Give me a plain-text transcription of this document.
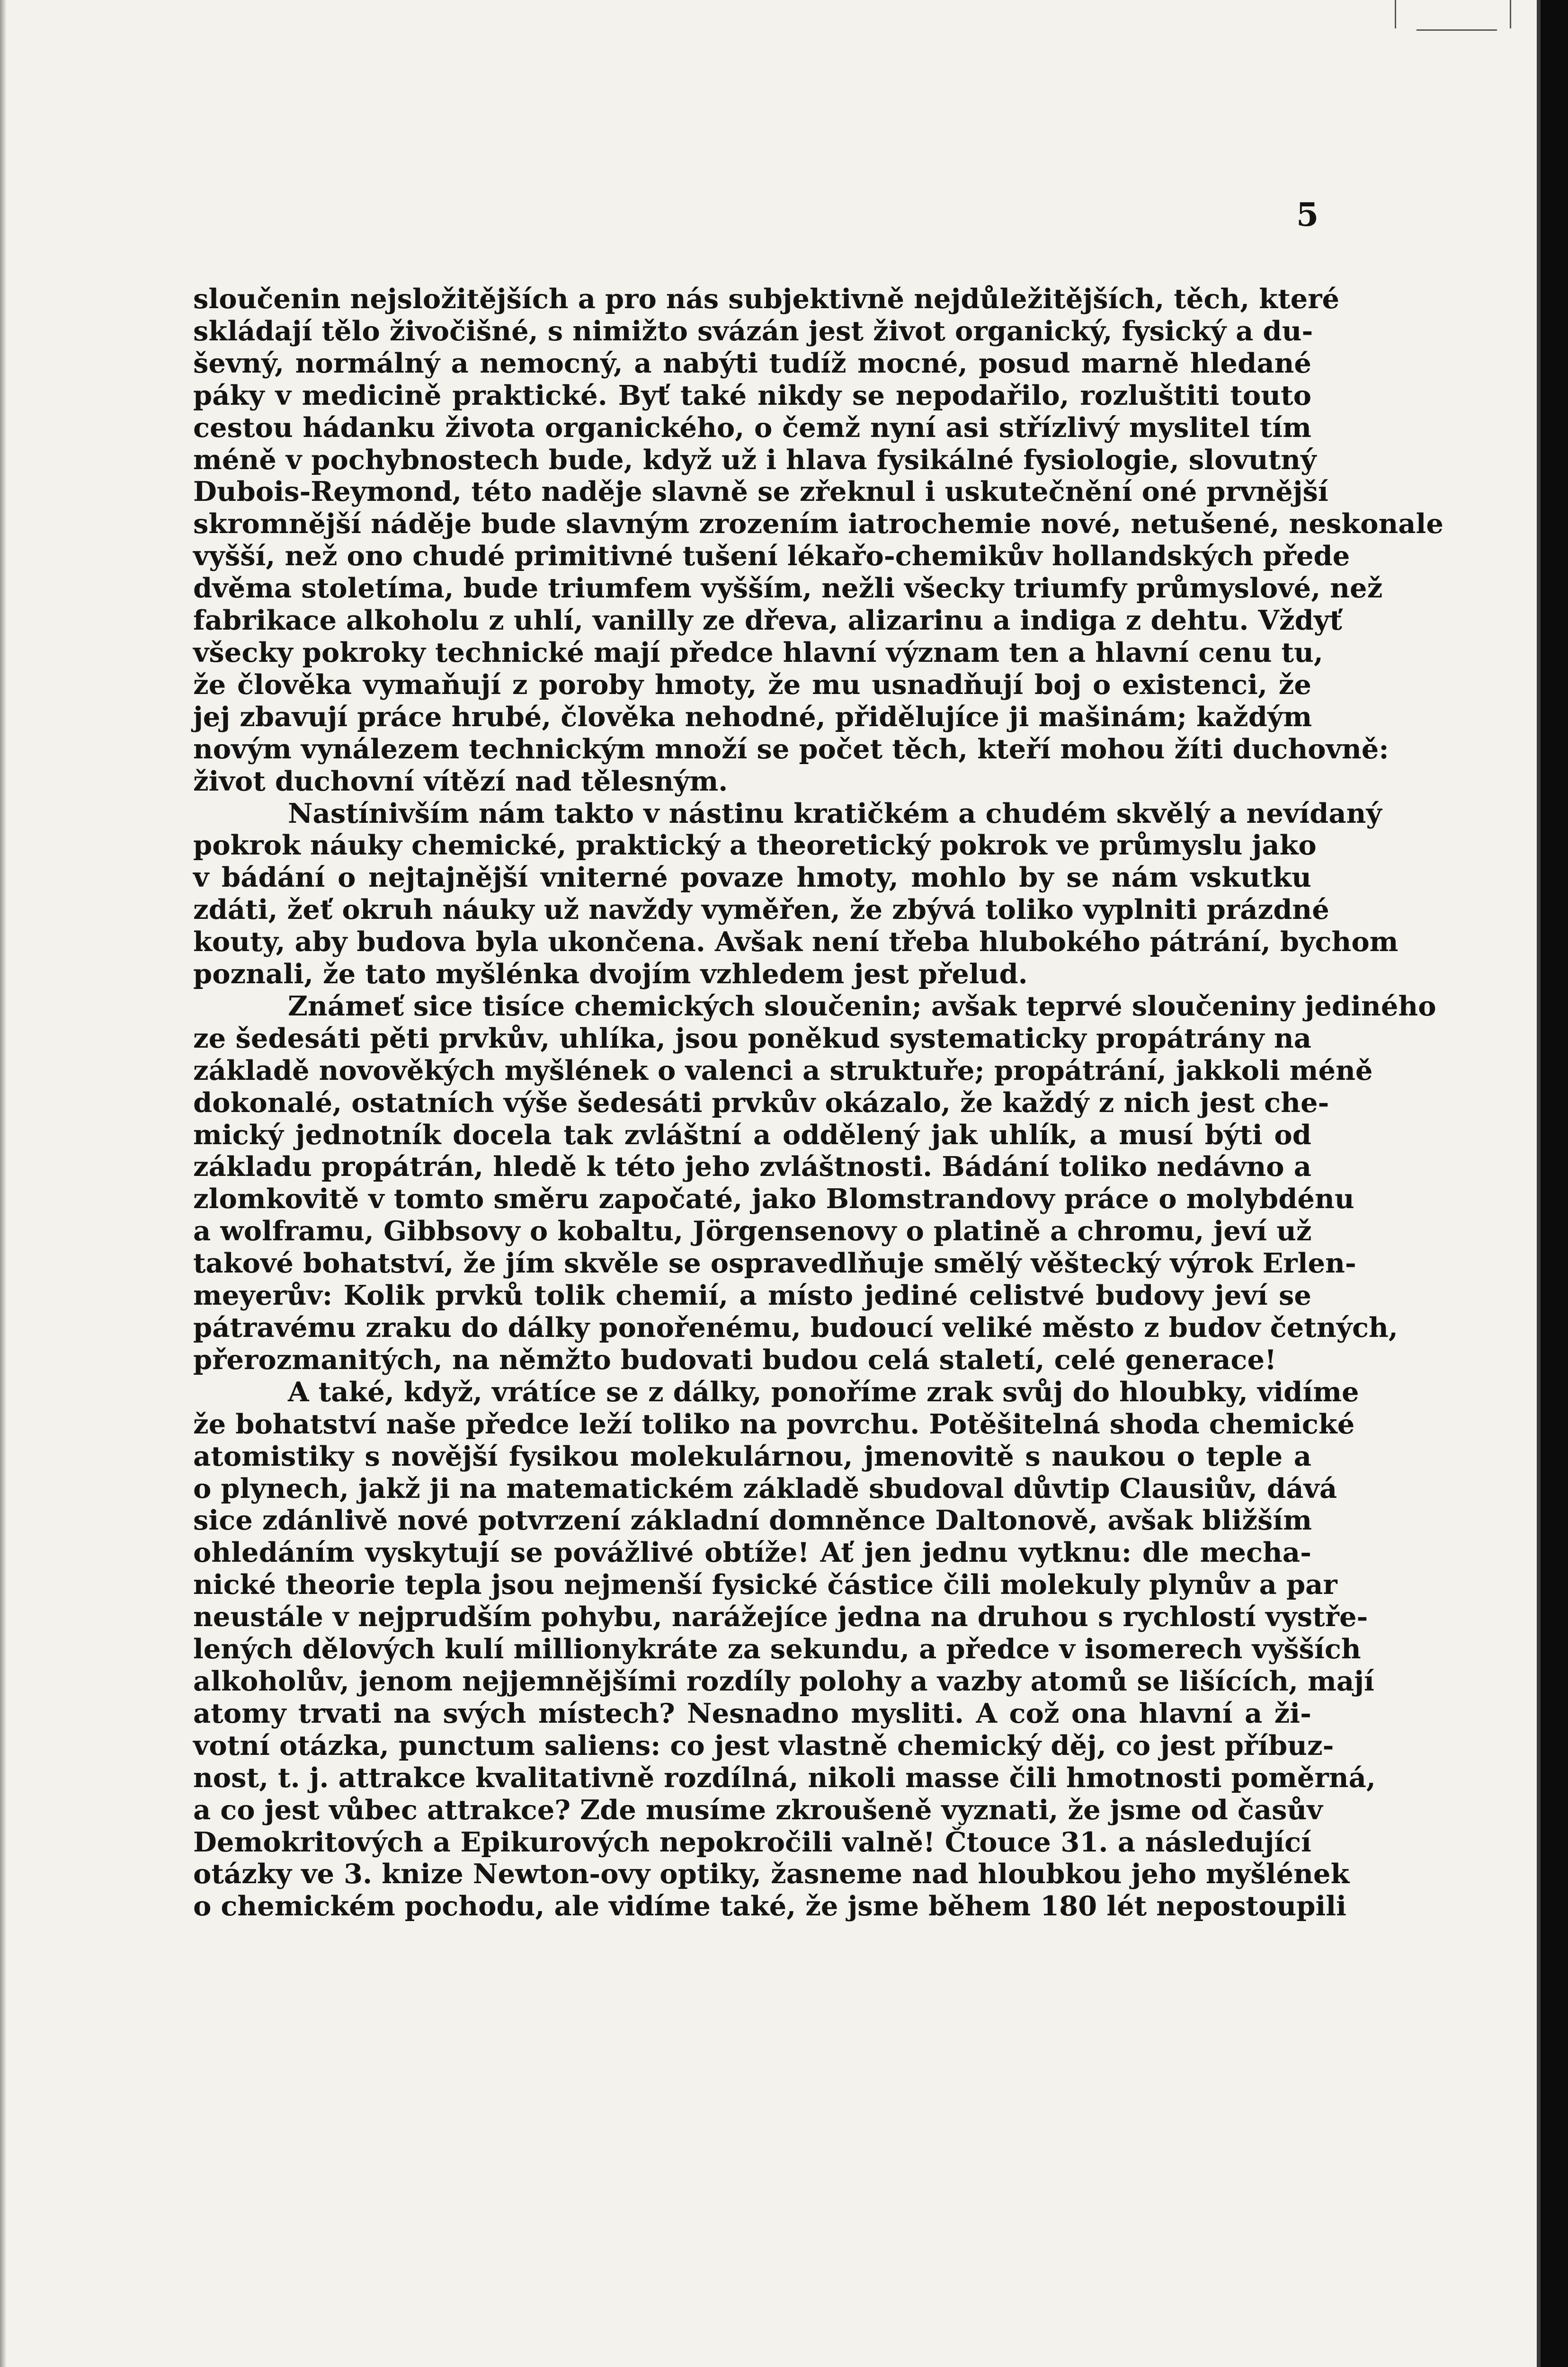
5
sloučenin nejsložitějších a pro nás subjektivně nejdůležitějších, těch, které
skládají tělo živočišné, s nimižto svázán jest život organický, fysický a du-
ševný, normálný a nemocný, a nabýti tudíž mocné, posud marně hledané
páky v medicině praktické. Byť také nikdy se nepodařilo, rozluštiti touto
cestou hádanku života organického, o čemž nyní asi střízlivý myslitel tím
méně v pochybnostech bude, když už i hlava fysikálné fysiologie, slovutný
Dubois-Reymond, této naděje slavně se zřeknul i uskutečnění oné prvnější
skromnější náděje bude slavným zrozením iatrochemie nové, netušené, neskonale
vyšší, než ono chudé primitivné tušení lékařo-chemikův hollandských přede
dvěma stoletíma, bude triumfem vyšším, nežli všecky triumfy průmyslové, než
fabrikace alkoholu z uhlí, vanilly ze dřeva, alizarinu a indiga z dehtu. Vždyť
všecky pokroky technické mají předce hlavní význam ten a hlavní cenu tu,
že člověka vymaňují z poroby hmoty, že mu usnadňují boj o existenci, že
jej zbavují práce hrubé, člověka nehodné, přidělujíce ji mašinám; každým
novým vynálezem technickým množí se počet těch, kteří mohou žíti duchovně:
život duchovní vítězí nad tělesným.
Nastínivším nám takto v nástinu kratičkém a chudém skvělý a nevídaný
pokrok náuky chemické, praktický a theoretický pokrok ve průmyslu jako
v bádání o nejtajnější vniterné povaze hmoty, mohlo by se nám vskutku
zdáti, žeť okruh náuky už navždy vyměřen, že zbývá toliko vyplniti prázdné
kouty, aby budova byla ukončena. Avšak není třeba hlubokého pátrání, bychom
poznali, že tato myšlénka dvojím vzhledem jest přelud.
Známeť sice tisíce chemických sloučenin; avšak teprvé sloučeniny jediného
ze šedesáti pěti prvkův, uhlíka, jsou poněkud systematicky propátrány na
základě novověkých myšlének o valenci a struktuře; propátrání, jakkoli méně
dokonalé, ostatních výše šedesáti prvkův okázalo, že každý z nich jest che-
mický jednotník docela tak zvláštní a oddělený jak uhlík, a musí býti od
základu propátrán, hledě k této jeho zvláštnosti. Bádání toliko nedávno a
zlomkovitě v tomto směru započaté, jako Blomstrandovy práce o molybdénu
a wolframu, Gibbsovy o kobaltu, Jörgensenovy o platině a chromu, jeví už
takové bohatství, že jím skvěle se ospravedlňuje smělý věštecký výrok Erlen-
meyerův: Kolik prvků tolik chemií, a místo jediné celistvé budovy jeví se
pátravému zraku do dálky ponořenému, budoucí veliké město z budov četných,
přerozmanitých, na němžto budovati budou celá staletí, celé generace!
A také, když, vrátíce se z dálky, ponoříme zrak svůj do hloubky, vidíme
že bohatství naše předce leží toliko na povrchu. Potěšitelná shoda chemické
atomistiky s novější fysikou molekulárnou, jmenovitě s naukou o teple a
o plynech, jakž ji na matematickém základě sbudoval důvtip Clausiův, dává
sice zdánlivě nové potvrzení základní domněnce Daltonově, avšak bližším
ohledáním vyskytují se povážlivé obtíže! Ať jen jednu vytknu: dle mecha-
nické theorie tepla jsou nejmenší fysické částice čili molekuly plynův a par
neustále v nejprudším pohybu, narážejíce jedna na druhou s rychlostí vystře-
lených dělových kulí millionykráte za sekundu, a předce v isomerech vyšších
alkoholův, jenom nejjemnějšími rozdíly polohy a vazby atomů se lišících, mají
atomy trvati na svých místech? Nesnadno mysliti. A což ona hlavní a ži-
votní otázka, punctum saliens: co jest vlastně chemický děj, co jest příbuz-
nost, t. j. attrakce kvalitativně rozdílná, nikoli masse čili hmotnosti poměrná,
a co jest vůbec attrakce? Zde musíme zkroušeně vyznati, že jsme od časův
Demokritových a Epikurových nepokročili valně! Čtouce 31. a následující
otázky ve 3. knize Newton-ovy optiky, žasneme nad hloubkou jeho myšlének
o chemickém pochodu, ale vidíme také, že jsme během 180 lét nepostoupili
